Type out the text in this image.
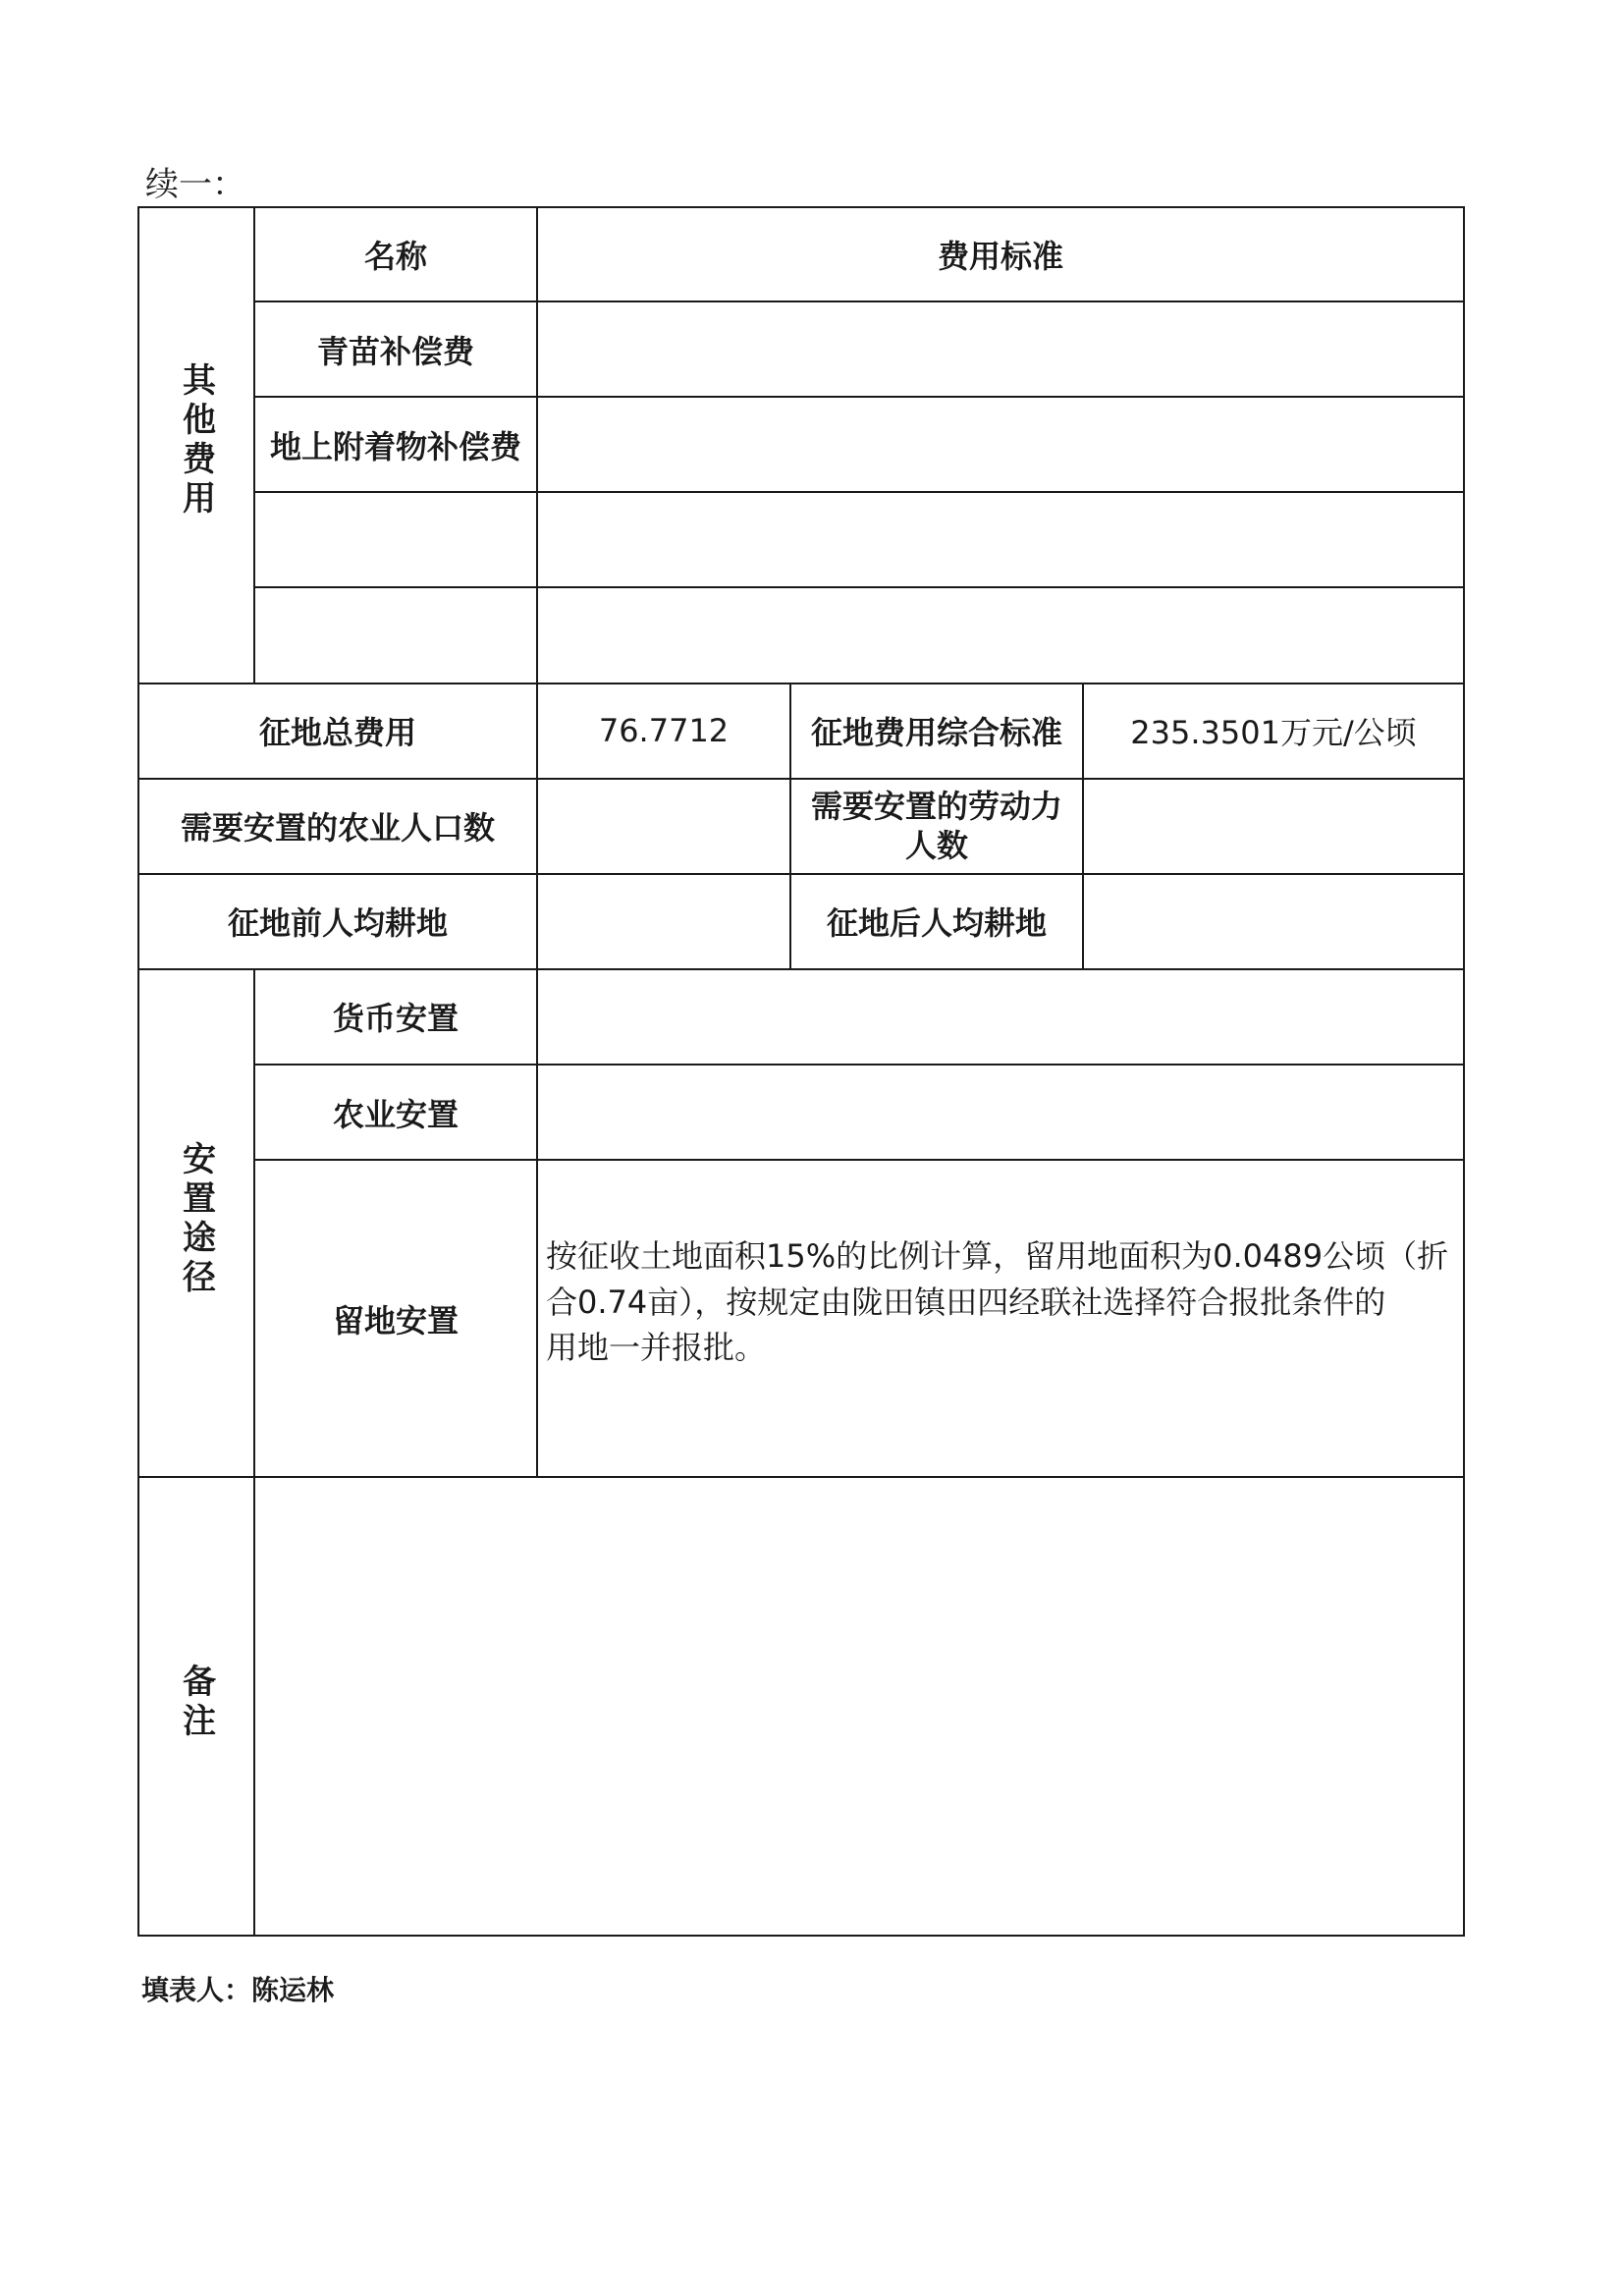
续一：
其他费用	名称	费用标准		
	青苗补偿费			
	地上附着物补偿费			

征地总费用		76.7712	征地费用综合标准	235.3501万元/公顷
需要安置的农业人口数			需要安置的劳动力
人数	

征地前人均耕地			征地后人均耕地	
安置途径	货币安置			
	农业安置			
	留地安置	按征收土地面积15%的比例计算，留用地面积为0.0489公顷（折
合0.74亩），按规定由陇田镇田四经联社选择符合报批条件的
用地一并报批。		

备注				
填表人：陈运林
